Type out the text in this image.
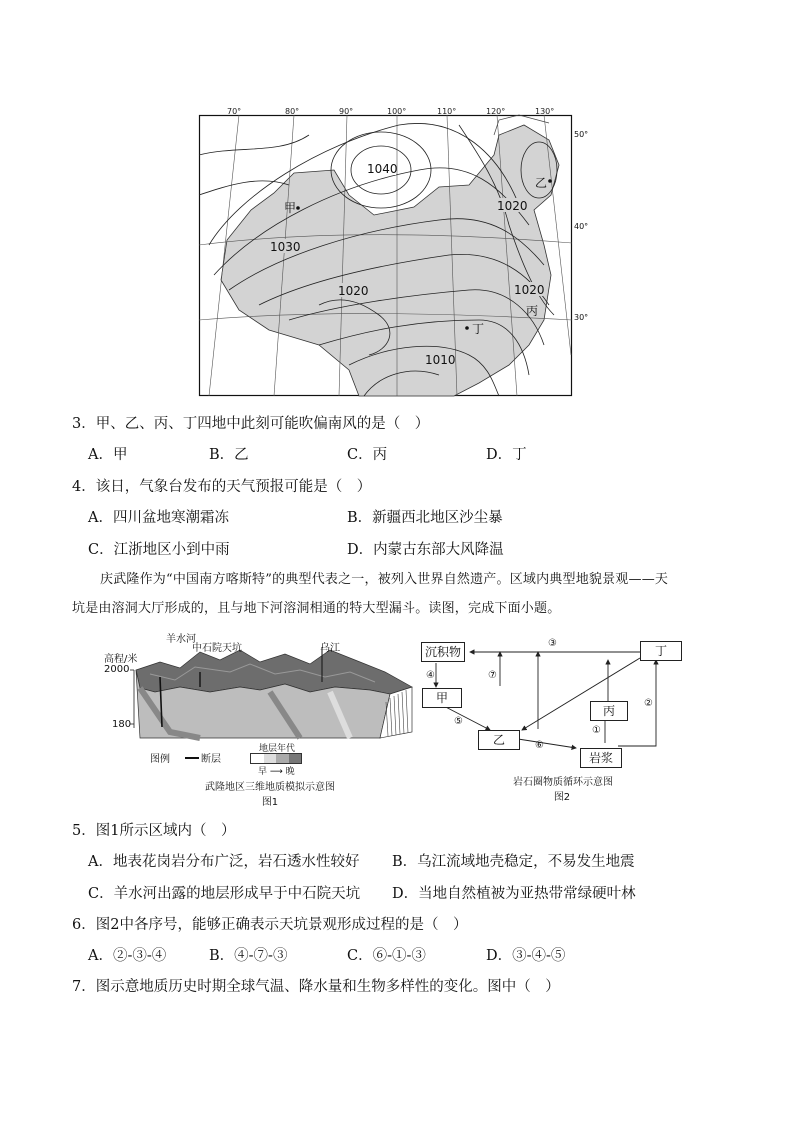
70°	80°	90°	100°	110°	120°	130°
1040
1030
1020
1020	1020
1010
甲
乙
丙
丁
50°
40°
30°
3．甲、乙、丙、丁四地中此刻可能吹偏南风的是（　）
A．甲	B．乙	C．丙	D．丁
4．该日，气象台发布的天气预报可能是（　）
A．四川盆地寒潮霜冻	B．新疆西北地区沙尘暴
C．江浙地区小到中雨	D．内蒙古东部大风降温
庆武隆作为“中国南方喀斯特”的典型代表之一，被列入世界自然遗产。区域内典型地貌景观——天
坑是由溶洞大厅形成的，且与地下河溶洞相通的特大型漏斗。读图，完成下面小题。
羊水河
中石院天坑	乌江
高程/米
2000
180
图例	断层
地层年代
早 ⟶ 晚
武隆地区三维地质模拟示意图
图1
沉积物	丁
甲
丙
乙
岩浆
③
④	⑦
⑤
⑥
①
②
岩石圈物质循环示意图
图2
5．图1所示区域内（　）
A．地表花岗岩分布广泛，岩石透水性较好 B．乌江流域地壳稳定，不易发生地震
C．羊水河出露的地层形成早于中石院天坑 D．当地自然植被为亚热带常绿硬叶林
6．图2中各序号，能够正确表示天坑景观形成过程的是（　）
A．②-③-④	B．④-⑦-③	C．⑥-①-③	D．③-④-⑤
7．图示意地质历史时期全球气温、降水量和生物多样性的变化。图中（　）
